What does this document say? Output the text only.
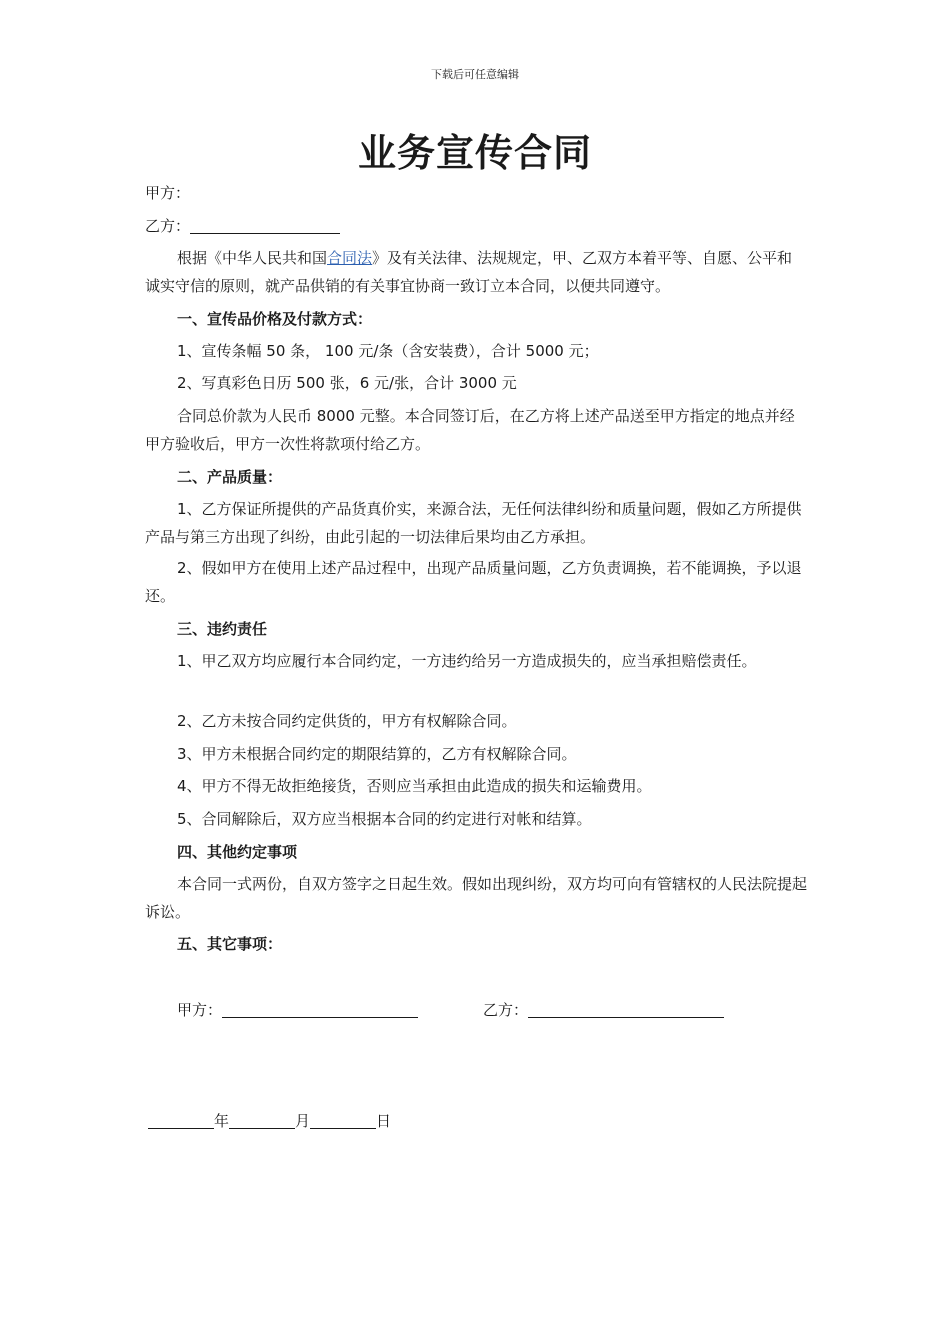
下载后可任意编辑
业务宣传合同
甲方：
乙方：
根据《中华人民共和国合同法》及有关法律、法规规定，甲、乙双方本着平等、自愿、公平和诚实守信的原则，就产品供销的有关事宜协商一致订立本合同，以便共同遵守。
一、宣传品价格及付款方式：
1、宣传条幅 50 条， 100 元/条（含安装费），合计 5000 元；
2、写真彩色日历 500 张，6 元/张，合计 3000 元
合同总价款为人民币 8000 元整。本合同签订后，在乙方将上述产品送至甲方指定的地点并经甲方验收后，甲方一次性将款项付给乙方。
二、产品质量：
1、乙方保证所提供的产品货真价实，来源合法，无任何法律纠纷和质量问题，假如乙方所提供产品与第三方出现了纠纷，由此引起的一切法律后果均由乙方承担。
2、假如甲方在使用上述产品过程中，出现产品质量问题，乙方负责调换，若不能调换，予以退还。
三、违约责任
1、甲乙双方均应履行本合同约定，一方违约给另一方造成损失的，应当承担赔偿责任。
2、乙方未按合同约定供货的，甲方有权解除合同。
3、甲方未根据合同约定的期限结算的，乙方有权解除合同。
4、甲方不得无故拒绝接货，否则应当承担由此造成的损失和运输费用。
5、合同解除后，双方应当根据本合同的约定进行对帐和结算。
四、其他约定事项
本合同一式两份，自双方签字之日起生效。假如出现纠纷，双方均可向有管辖权的人民法院提起诉讼。
五、其它事项：
甲方：	乙方：
年	月	日
